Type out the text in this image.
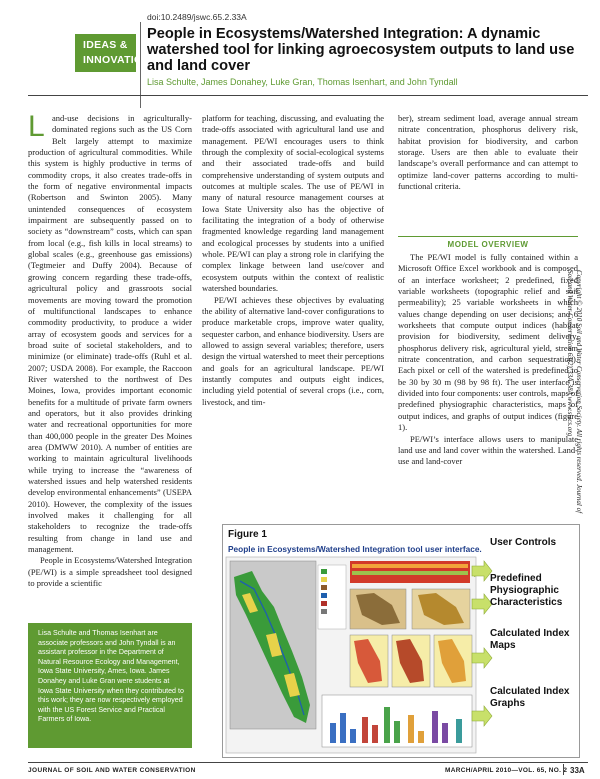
doi:10.2489/jswc.65.2.33A
IDEAS &
INNOVATIONS
People in Ecosystems/Watershed Integration: A dynamic watershed tool for linking agroecosystem outputs to land use and land cover
Lisa Schulte, James Donahey, Luke Gran, Thomas Isenhart, and John Tyndall
L and-use decisions in agriculturally-dominated regions such as the US Corn Belt largely attempt to maximize production of agricultural commodities. While this system is highly productive in terms of commodity crops, it also creates trade-offs in the form of negative environmental impacts (Robertson and Swinton 2005). Many unintended consequences of ecosystem impairment are subsequently passed on to society as “downstream” costs, which can span from local (e.g., fish kills in local streams) to global scales (e.g., greenhouse gas emissions) (Tegtmeier and Duffy 2004). Because of growing concern regarding these trade-offs, agricultural policy and grassroots social movements are moving toward the promotion of multifunctional landscapes to enhance commodity productivity, to produce a wider array of ecosystem goods and services for a broad suite of societal stakeholders, and to minimize (or eliminate) trade-offs (Ruhl et al. 2007; USDA 2008). For example, the Raccoon River watershed to the northwest of Des Moines, Iowa, provides important economic benefits for a multitude of private farm owners and operators, but it also provides drinking water and recreational opportunities for more than 400,000 people in the greater Des Moines area (DMWW 2010). A number of entities are working to maintain agricultural livelihoods while trying to increase the “awareness of watershed issues and help watershed residents develop environmental enhancements” (USEPA 2010). However, the complexity of the issues involved makes it challenging for all stakeholders to recognize the trade-offs resulting from change in land use and management.

People in Ecosystems/Watershed Integration (PE/WI) is a simple spreadsheet tool designed to provide a scientific

platform for teaching, discussing, and evaluating the trade-offs associated with agricultural land use and management. PE/WI encourages users to think through the complexity of social-ecological systems and their associated trade-offs and build comprehensive understanding of system outputs and outcomes at multiple scales. The use of PE/WI in many of natural resource management courses at Iowa State University also has the objective of facilitating the integration of a body of otherwise fragmented knowledge regarding land management and ecological processes by students into a unified whole. PE/WI can play a strong role in clarifying the complex linkage between land use/cover and ecosystem outputs within the context of realistic watershed boundaries.

PE/WI achieves these objectives by evaluating the ability of alternative land-cover configurations to produce marketable crops, improve water quality, sequester carbon, and enhance biodiversity. Users are allowed to assign several variables; therefore, users design the virtual watershed to meet their perceptions and goals for an agricultural landscape. PE/WI instantly computes and outputs eight indices, including yield potential of several crops (i.e., corn, livestock, and tim-

ber), stream sediment load, average annual stream nitrate concentration, phosphorus delivery risk, habitat provision for biodiversity, and carbon storage. Users are then able to evaluate their landscape’s overall performance and can attempt to optimize land-cover patterns according to multi-functional criteria.

MODEL OVERVIEW

The PE/WI model is fully contained within a Microsoft Office Excel workbook and is composed of an interface worksheet; 2 predefined, fixed variable worksheets (topographic relief and soil permeability); 25 variable worksheets in which values change depending on user decisions; and 6 worksheets that compute output indices (habitat provision for biodiversity, sediment delivery, phosphorus delivery risk, agricultural yield, stream nitrate concentration, and carbon sequestration). Each pixel or cell of the watershed is predefined to be 30 by 30 m (98 by 98 ft). The user interface is divided into four components: user controls, maps of predefined physiographic characteristics, maps of output indices, and graphs of output indices (figure 1).

PE/WI’s interface allows users to manipulate land use and land cover within the watershed. Land-use and land-cover

Lisa Schulte and Thomas Isenhart are associate professors and John Tyndall is an assistant professor in the Department of Natural Resource Ecology and Management, Iowa State University, Ames, Iowa. James Donahey and Luke Gran were students at Iowa State University when they contributed to this work; they are now respectively employed with the US Forest Service and Practical Farmers of Iowa.
Copyright © 2010 Soil and Water Conservation Society. All rights reserved. Journal of Soil and Water Conservation 65(2):33A-38A www.swcs.org
Figure 1
People in Ecosystems/Watershed Integration tool user interface.
User Controls
Predefined Physiographic Characteristics
Calculated Index Maps
Calculated Index Graphs
JOURNAL OF SOIL AND WATER CONSERVATION	MARCH/APRIL 2010—VOL. 65, NO. 2 33A
